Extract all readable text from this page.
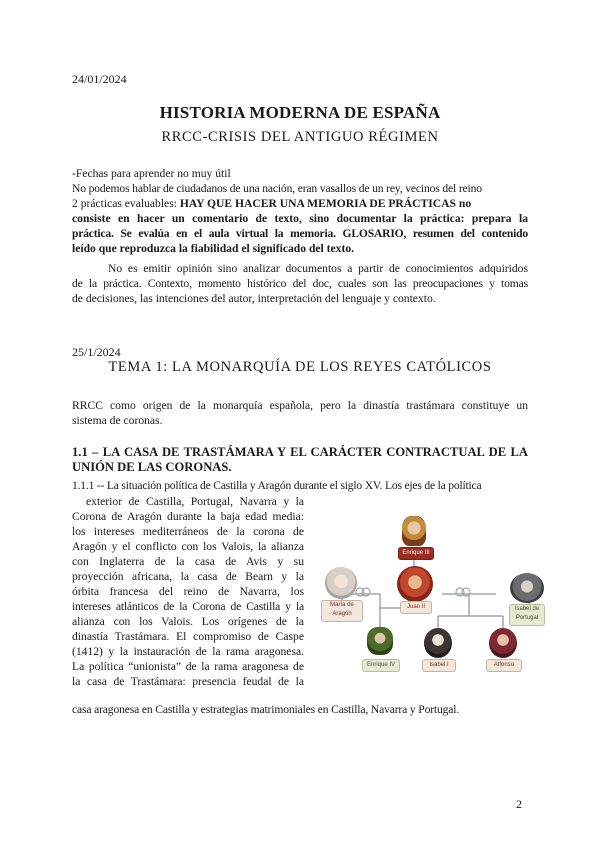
24/01/2024
HISTORIA MODERNA DE ESPAÑA
RRCC-CRISIS DEL ANTIGUO RÉGIMEN
-Fechas para aprender no muy útil
No podemos hablar de ciudadanos de una nación, eran vasallos de un rey, vecinos del reino
2 prácticas evaluables: HAY QUE HACER UNA MEMORIA DE PRÁCTICAS no
consiste en hacer un comentario de texto, sino documentar la práctica: prepara la
práctica. Se evalúa en el aula virtual la memoria. GLOSARIO, resumen del contenido
leído que reproduzca la fiabilidad el significado del texto.
No es emitir opinión sino analizar documentos a partir de conocimientos adquiridos
de la práctica. Contexto, momento histórico del doc, cuales son las preocupaciones y tomas
de decisiones, las intenciones del autor, interpretación del lenguaje y contexto.
25/1/2024
TEMA 1: LA MONARQUÍA DE LOS REYES CATÓLICOS
RRCC como origen de la monarquía española, pero la dinastía trastámara constituye un
sistema de coronas.
1.1 – LA CASA DE TRASTÁMARA Y EL CARÁCTER CONTRACTUAL DE LA
UNIÓN DE LAS CORONAS.
1.1.1 -- La situación política de Castilla y Aragón durante el siglo XV. Los ejes de la política
exterior de Castilla, Portugal, Navarra y la
Corona de Aragón durante la baja edad media:
los intereses mediterráneos de la corona de
Aragón y el conflicto con los Valois, la alianza
con Inglaterra de la casa de Avis y su
proyección africana, la casa de Bearn y la
órbita francesa del reino de Navarra, los
intereses atlánticos de la Corona de Castilla y la
alianza con los Valois. Los orígenes de la
dinastía Trastámara. El compromiso de Caspe
(1412) y la instauración de la rama aragonesa.
La política “unionista” de la rama aragonesa de
la casa de Trastámara: presencia feudal de la
casa aragonesa en Castilla y estrategias matrimoniales en Castilla, Navarra y Portugal.
Enrique III
María de Aragón
Juan II	Isabel de Portugal
Enrique IV	Isabel I	Alfonso
2
